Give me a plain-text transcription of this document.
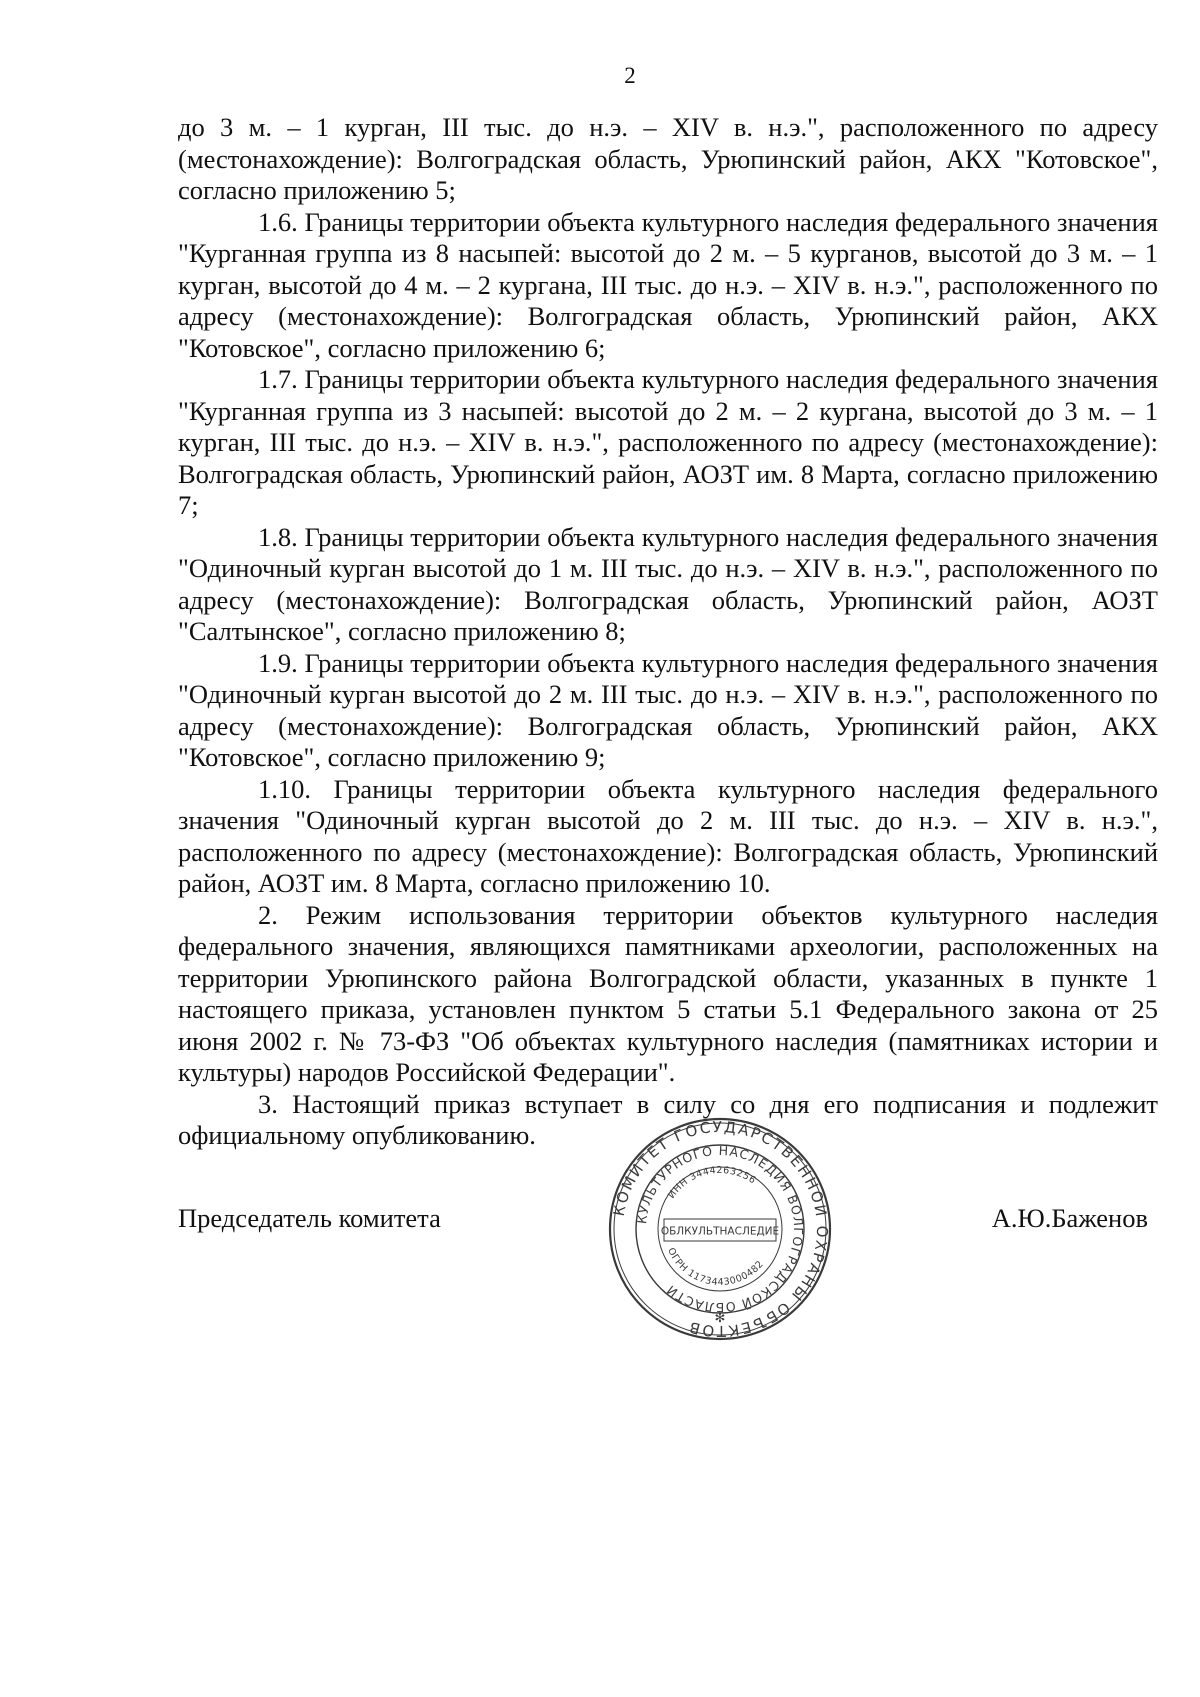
2

до 3 м. – 1 курган, III тыс. до н.э. – XIV в. н.э.", расположенного по адресу (местонахождение): Волгоградская область, Урюпинский район, АКХ "Котовское", согласно приложению 5;

1.6. Границы территории объекта культурного наследия федерального значения "Курганная группа из 8 насыпей: высотой до 2 м. – 5 курганов, высотой до 3 м. – 1 курган, высотой до 4 м. – 2 кургана, III тыс. до н.э. – XIV в. н.э.", расположенного по адресу (местонахождение): Волгоградская область, Урюпинский район, АКХ "Котовское", согласно приложению 6;

1.7. Границы территории объекта культурного наследия федерального значения "Курганная группа из 3 насыпей: высотой до 2 м. – 2 кургана, высотой до 3 м. – 1 курган, III тыс. до н.э. – XIV в. н.э.", расположенного по адресу (местонахождение): Волгоградская область, Урюпинский район, АОЗТ им. 8 Марта, согласно приложению 7;

1.8. Границы территории объекта культурного наследия федерального значения "Одиночный курган высотой до 1 м. III тыс. до н.э. – XIV в. н.э.", расположенного по адресу (местонахождение): Волгоградская область, Урюпинский район, АОЗТ "Салтынское", согласно приложению 8;

1.9. Границы территории объекта культурного наследия федерального значения "Одиночный курган высотой до 2 м. III тыс. до н.э. – XIV в. н.э.", расположенного по адресу (местонахождение): Волгоградская область, Урюпинский район, АКХ "Котовское", согласно приложению 9;

1.10. Границы территории объекта культурного наследия федерального значения "Одиночный курган высотой до 2 м. III тыс. до н.э. – XIV в. н.э.", расположенного по адресу (местонахождение): Волгоградская область, Урюпинский район, АОЗТ им. 8 Марта, согласно приложению 10.

2. Режим использования территории объектов культурного наследия федерального значения, являющихся памятниками археологии, расположенных на территории Урюпинского района Волгоградской области, указанных в пункте 1 настоящего приказа, установлен пунктом 5 статьи 5.1 Федерального закона от 25 июня 2002 г. № 73-ФЗ "Об объектах культурного наследия (памятниках истории и культуры) народов Российской Федерации".

3. Настоящий приказ вступает в силу со дня его подписания и подлежит официальному опубликованию.

Председатель комитета	А.Ю.Баженов
КОМИТЕТ ГОСУДАРСТВЕННОЙ ОХРАНЫ ОБЪЕКТОВ
КУЛЬТУРНОГО НАСЛЕДИЯ ВОЛГОГРАДСКОЙ ОБЛАСТИ
ИНН 3444263256
ОГРН 1173443000482
ОБЛКУЛЬТНАСЛЕДИЕ
✻
